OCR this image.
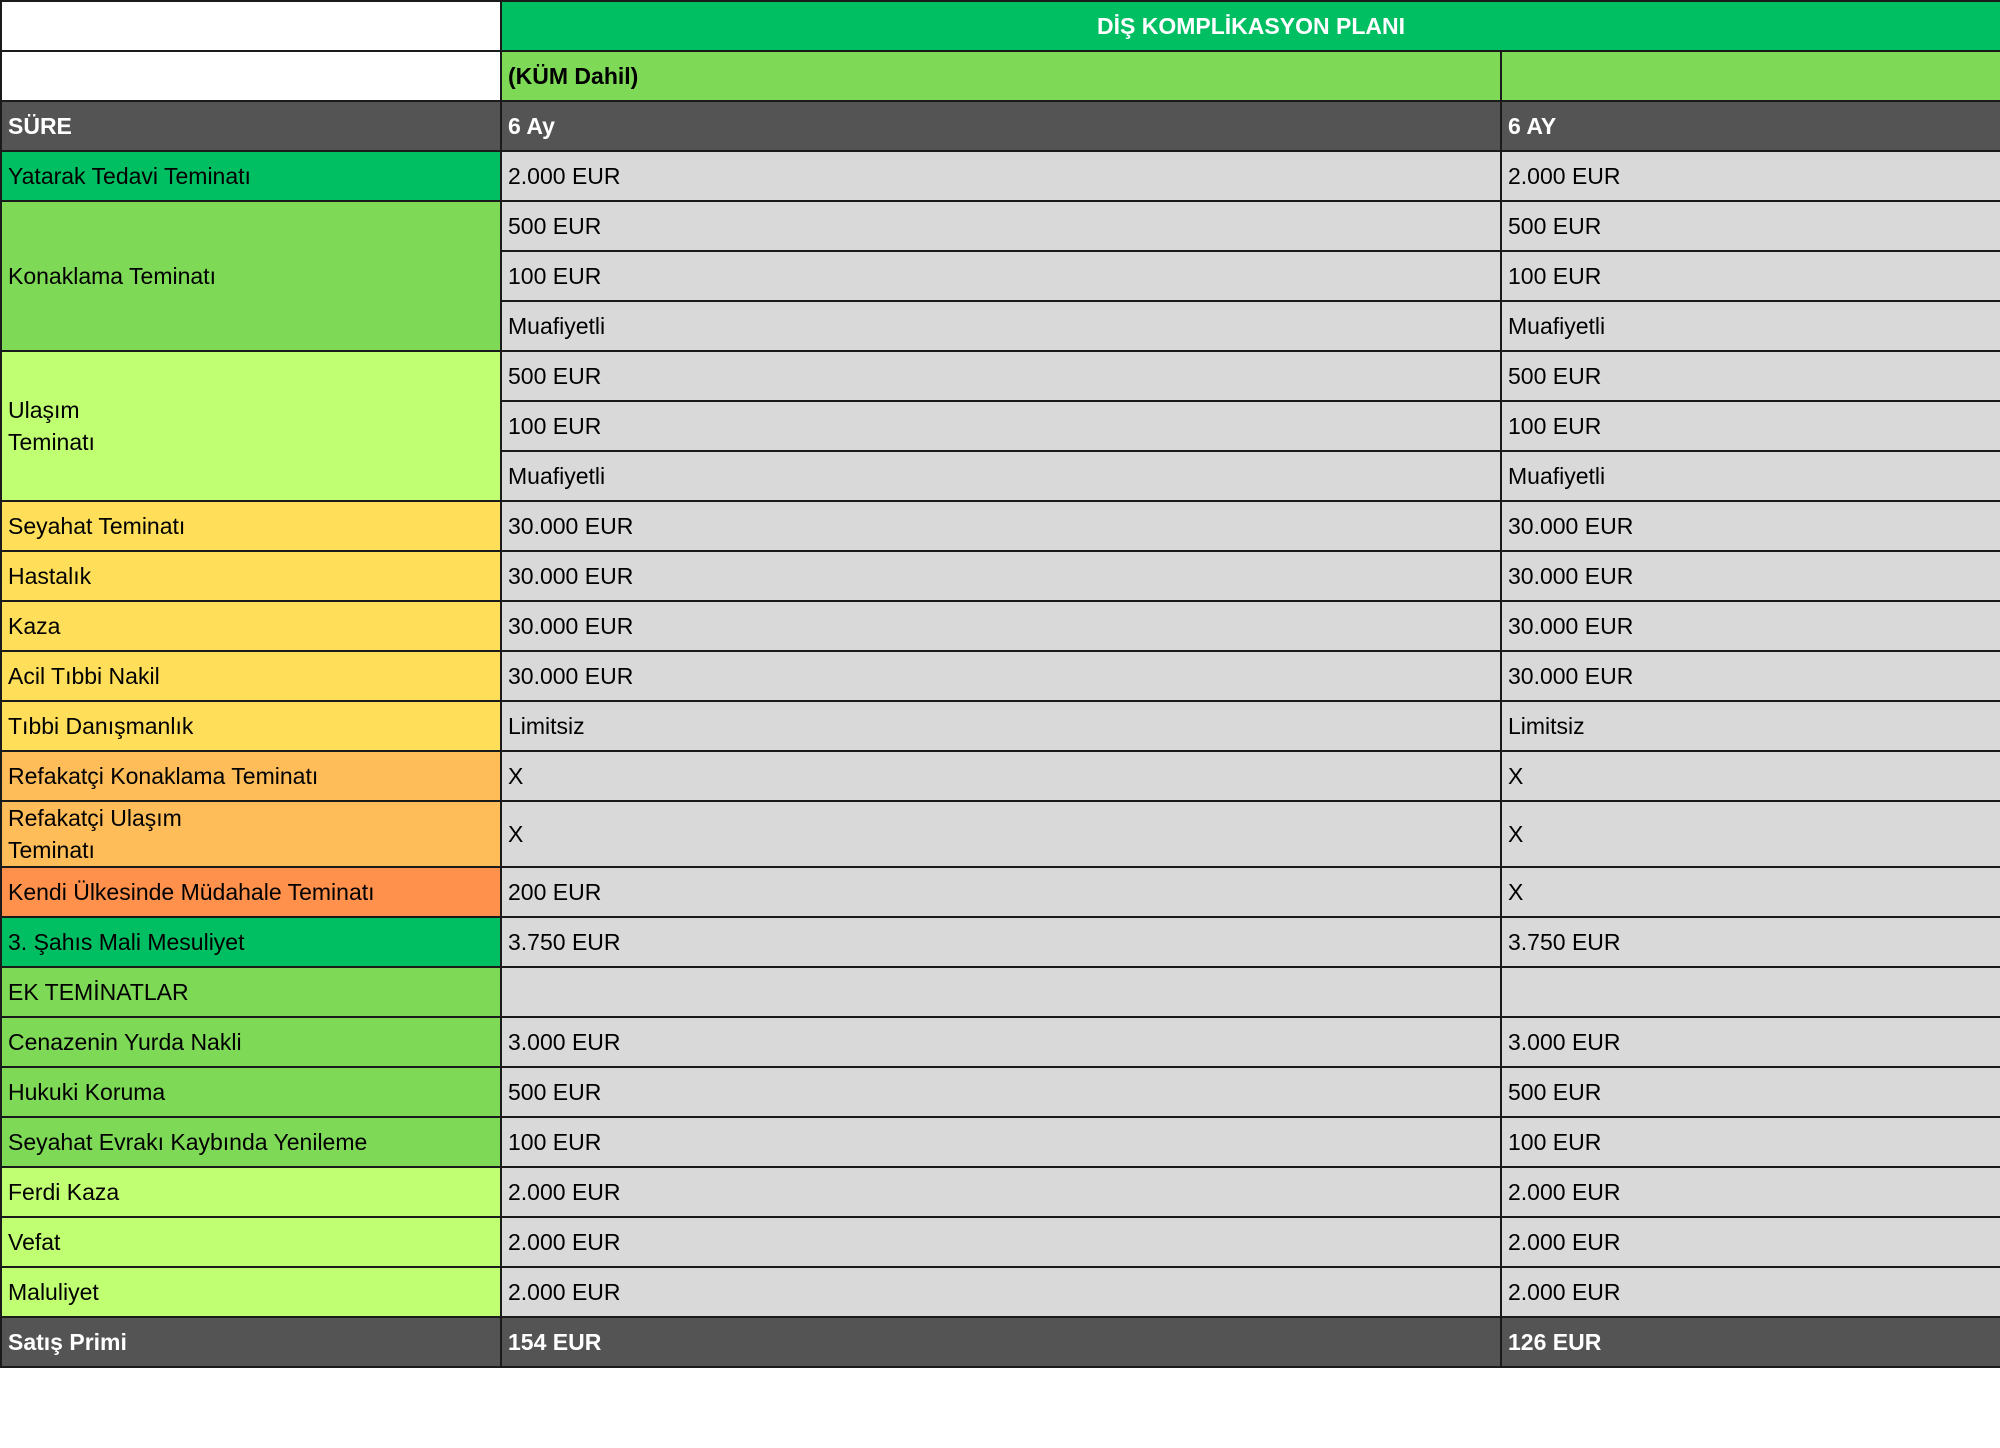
	DİŞ KOMPLİKASYON PLANI	
	(KÜM Dahil)	
SÜRE	6 Ay	6 AY
Yatarak Tedavi Teminatı	2.000 EUR	2.000 EUR
Konaklama Teminatı	500 EUR	500 EUR
	100 EUR	100 EUR
	Muafiyetli	Muafiyetli
Ulaşım
Teminatı	500 EUR	500 EUR
	100 EUR	100 EUR
	Muafiyetli	Muafiyetli
Seyahat Teminatı	30.000 EUR	30.000 EUR
Hastalık	30.000 EUR	30.000 EUR
Kaza	30.000 EUR	30.000 EUR
Acil Tıbbi Nakil	30.000 EUR	30.000 EUR
Tıbbi Danışmanlık	Limitsiz	Limitsiz
Refakatçi Konaklama Teminatı	X	X
Refakatçi Ulaşım
Teminatı	X	X
Kendi Ülkesinde Müdahale Teminatı	200 EUR	X
3. Şahıs Mali Mesuliyet	3.750 EUR	3.750 EUR
EK TEMİNATLAR		
Cenazenin Yurda Nakli	3.000 EUR	3.000 EUR
Hukuki Koruma	500 EUR	500 EUR
Seyahat Evrakı Kaybında Yenileme	100 EUR	100 EUR
Ferdi Kaza	2.000 EUR	2.000 EUR
Vefat	2.000 EUR	2.000 EUR
Maluliyet	2.000 EUR	2.000 EUR
Satış Primi	154 EUR	126 EUR
